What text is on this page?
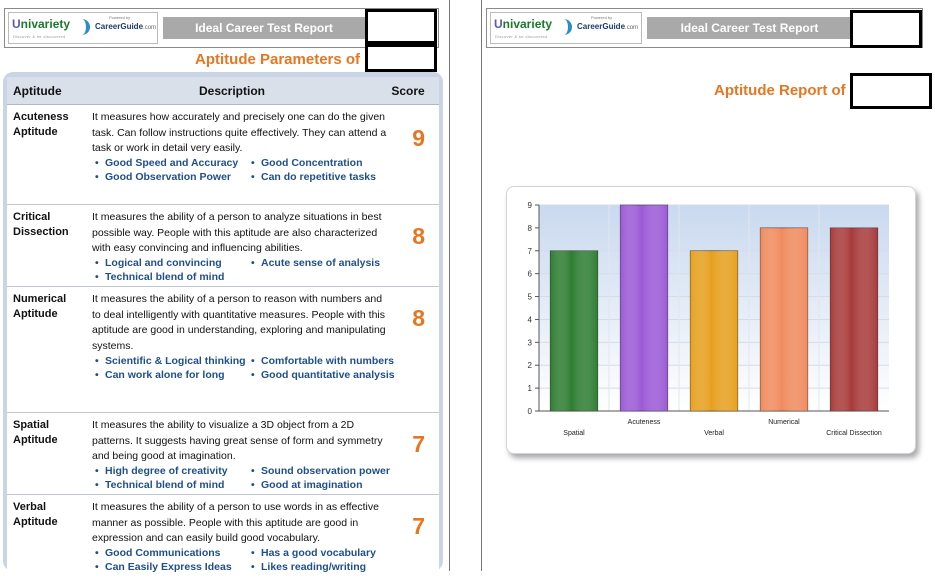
Univariety
Discover & be discovered
Powered by
CareerGuide.com	Ideal Career Test Report
Aptitude Parameters of
Aptitude	Description	Score
Acuteness Aptitude
It measures how accurately and precisely one can do the given task. Can follow instructions quite effectively. They can attend a task or work in detail very easily.	9
• Good Speed and Accuracy	• Good Concentration
• Good Observation Power	• Can do repetitive tasks
Critical Dissection
It measures the ability of a person to analyze situations in best possible way. People with this aptitude are also characterized with easy convincing and influencing abilities.	8
• Logical and convincing	• Acute sense of analysis
• Technical blend of mind
Numerical Aptitude
It measures the ability of a person to reason with numbers and to deal intelligently with quantitative measures. People with this aptitude are good in understanding, exploring and manipulating systems.
8
• Scientific & Logical thinking	• Comfortable with numbers
• Can work alone for long	• Good quantitative analysis
Spatial Aptitude
It measures the ability to visualize a 3D object from a 2D patterns. It suggests having great sense of form and symmetry and being good at imagination.	7
• High degree of creativity	• Sound observation power
• Technical blend of mind	• Good at imagination
Verbal Aptitude
It measures the ability of a person to use words in as effective manner as possible. People with this aptitude are good in expression and can easily build good vocabulary.	7
• Good Communications	• Has a good vocabulary
• Can Easily Express Ideas	• Likes reading/writing
Univariety
Discover & be discovered
Powered by
CareerGuide.com	Ideal Career Test Report
Aptitude Report of
0
1
2
3
4
5
6
7
8
9
Spatial
Acuteness
Verbal
Numerical
Critical Dissection
